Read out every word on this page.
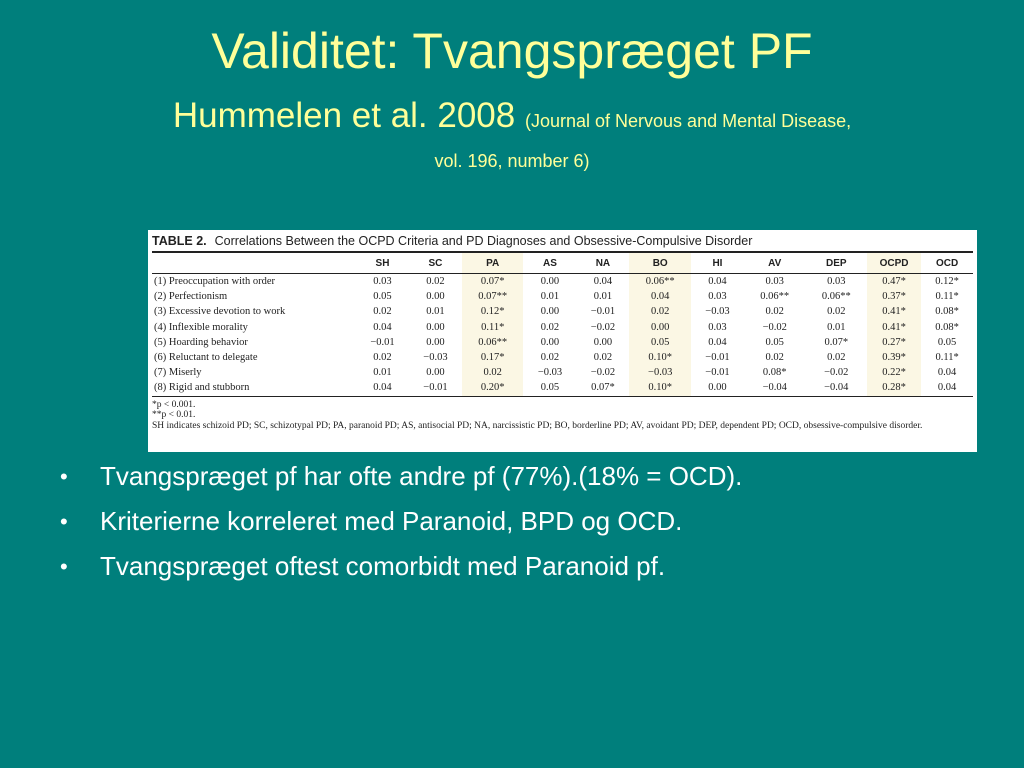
Validitet: Tvangspræget PF
Hummelen et al. 2008 (Journal of Nervous and Mental Disease,
vol. 196, number 6)
TABLE 2. Correlations Between the OCPD Criteria and PD Diagnoses and Obsessive-Compulsive Disorder
	SH	SC	PA	AS	NA	BO	HI	AV	DEP	OCPD	OCD
(1) Preoccupation with order	0.03	0.02	0.07*	0.00	0.04	0.06**	0.04	0.03	0.03	0.47*	0.12*
(2) Perfectionism	0.05	0.00	0.07**	0.01	0.01	0.04	0.03	0.06**	0.06**	0.37*	0.11*
(3) Excessive devotion to work	0.02	0.01	0.12*	0.00	−0.01	0.02	−0.03	0.02	0.02	0.41*	0.08*
(4) Inflexible morality	0.04	0.00	0.11*	0.02	−0.02	0.00	0.03	−0.02	0.01	0.41*	0.08*
(5) Hoarding behavior	−0.01	0.00	0.06**	0.00	0.00	0.05	0.04	0.05	0.07*	0.27*	0.05
(6) Reluctant to delegate	0.02	−0.03	0.17*	0.02	0.02	0.10*	−0.01	0.02	0.02	0.39*	0.11*
(7) Miserly	0.01	0.00	0.02	−0.03	−0.02	−0.03	−0.01	0.08*	−0.02	0.22*	0.04
(8) Rigid and stubborn	0.04	−0.01	0.20*	0.05	0.07*	0.10*	0.00	−0.04	−0.04	0.28*	0.04
*p < 0.001.
**p < 0.01.
SH indicates schizoid PD; SC, schizotypal PD; PA, paranoid PD; AS, antisocial PD; NA, narcissistic PD; BO, borderline PD; AV, avoidant PD; DEP, dependent PD; OCD, obsessive-compulsive disorder.
• Tvangspræget pf har ofte andre pf (77%).(18% = OCD).
• Kriterierne korreleret med Paranoid, BPD og OCD.
• Tvangspræget oftest comorbidt med Paranoid pf.
